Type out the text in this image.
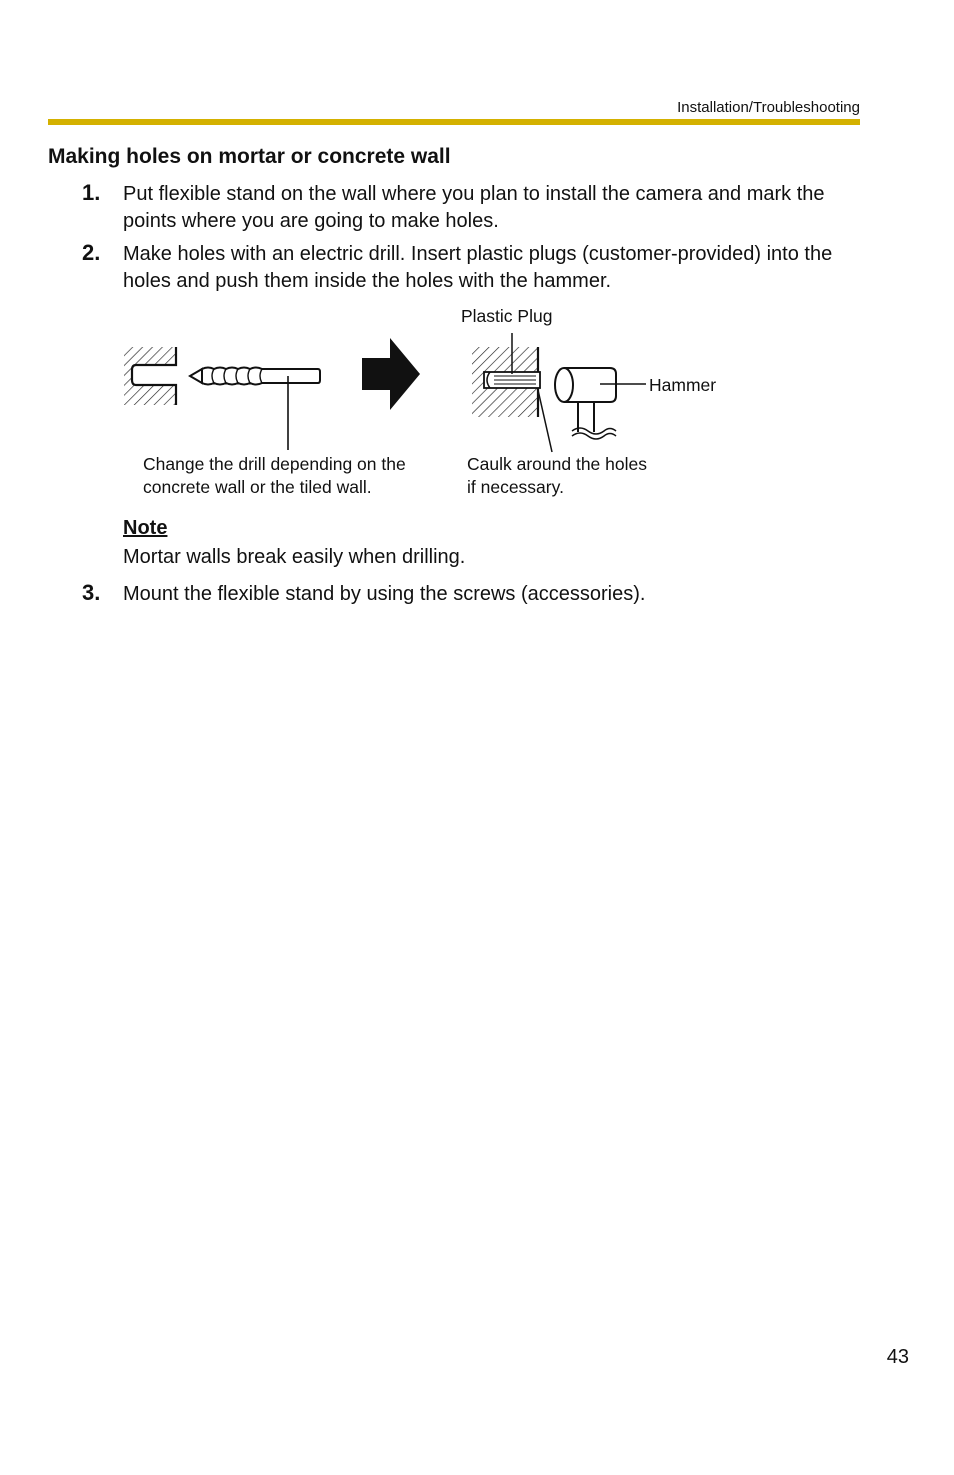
Installation/Troubleshooting
Making holes on mortar or concrete wall
1. Put flexible stand on the wall where you plan to install the camera and mark the points where you are going to make holes.
2. Make holes with an electric drill. Insert plastic plugs (customer-provided) into the holes and push them inside the holes with the hammer.
Plastic Plug
Hammer
Change the drill depending on the
concrete wall or the tiled wall.
Caulk around the holes
if necessary.
Note
Mortar walls break easily when drilling.
3. Mount the flexible stand by using the screws (accessories).
43
